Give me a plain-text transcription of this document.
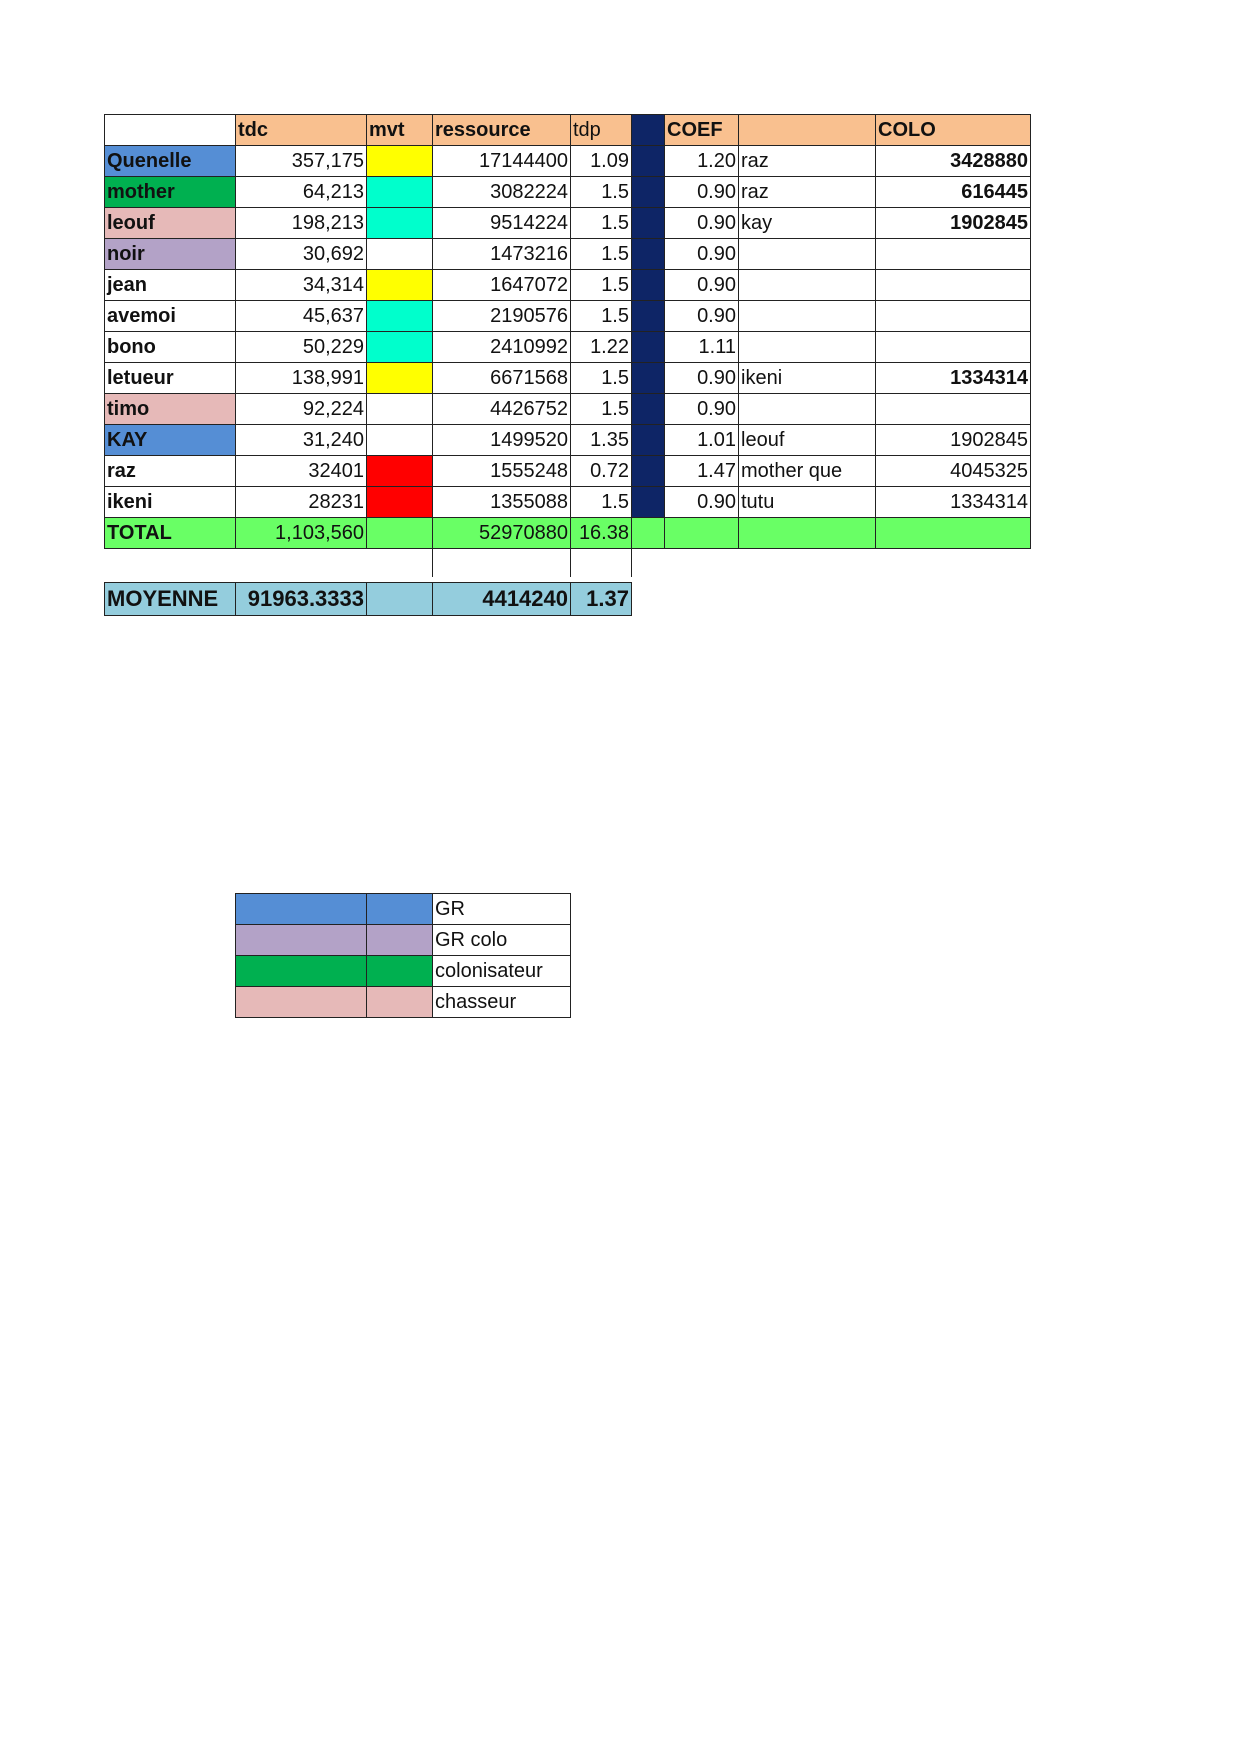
	tdc	mvt	ressource	tdp		COEF		COLO
Quenelle	357,175		17144400	1.09		1.20	raz	3428880
mother	64,213		3082224	1.5		0.90	raz	616445
leouf	198,213		9514224	1.5		0.90	kay	1902845
noir	30,692		1473216	1.5		0.90		
jean	34,314		1647072	1.5		0.90		
avemoi	45,637		2190576	1.5		0.90		
bono	50,229		2410992	1.22		1.11		
letueur	138,991		6671568	1.5		0.90	ikeni	1334314
timo	92,224		4426752	1.5		0.90		
KAY	31,240		1499520	1.35		1.01	leouf	1902845
raz	32401		1555248	0.72		1.47	mother que	4045325
ikeni	28231		1355088	1.5		0.90	tutu	1334314
TOTAL	1,103,560		52970880	16.38				

MOYENNE	91963.3333		4414240	1.37
		GR
		GR colo
		colonisateur
		chasseur
